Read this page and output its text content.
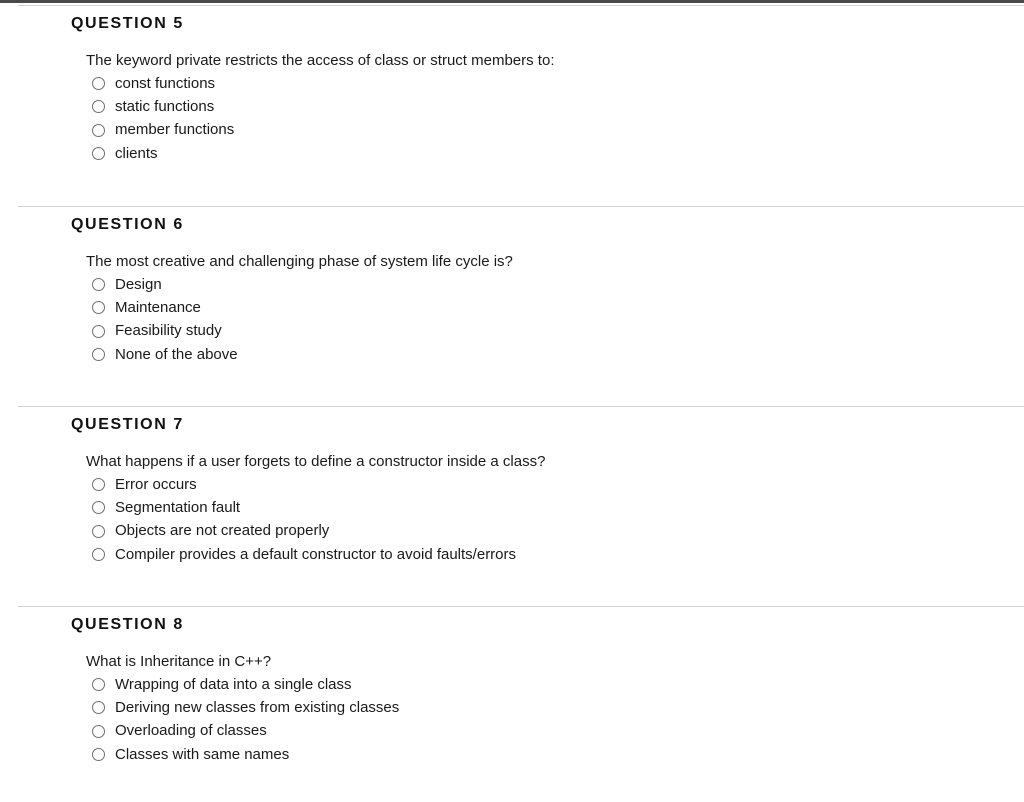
QUESTION 5

The keyword private restricts the access of class or struct members to:

const functions
static functions
member functions
clients
QUESTION 6

The most creative and challenging phase of system life cycle is?

Design
Maintenance
Feasibility study
None of the above
QUESTION 7

What happens if a user forgets to define a constructor inside a class?

Error occurs
Segmentation fault
Objects are not created properly
Compiler provides a default constructor to avoid faults/errors
QUESTION 8

What is Inheritance in C++?

Wrapping of data into a single class
Deriving new classes from existing classes
Overloading of classes
Classes with same names
